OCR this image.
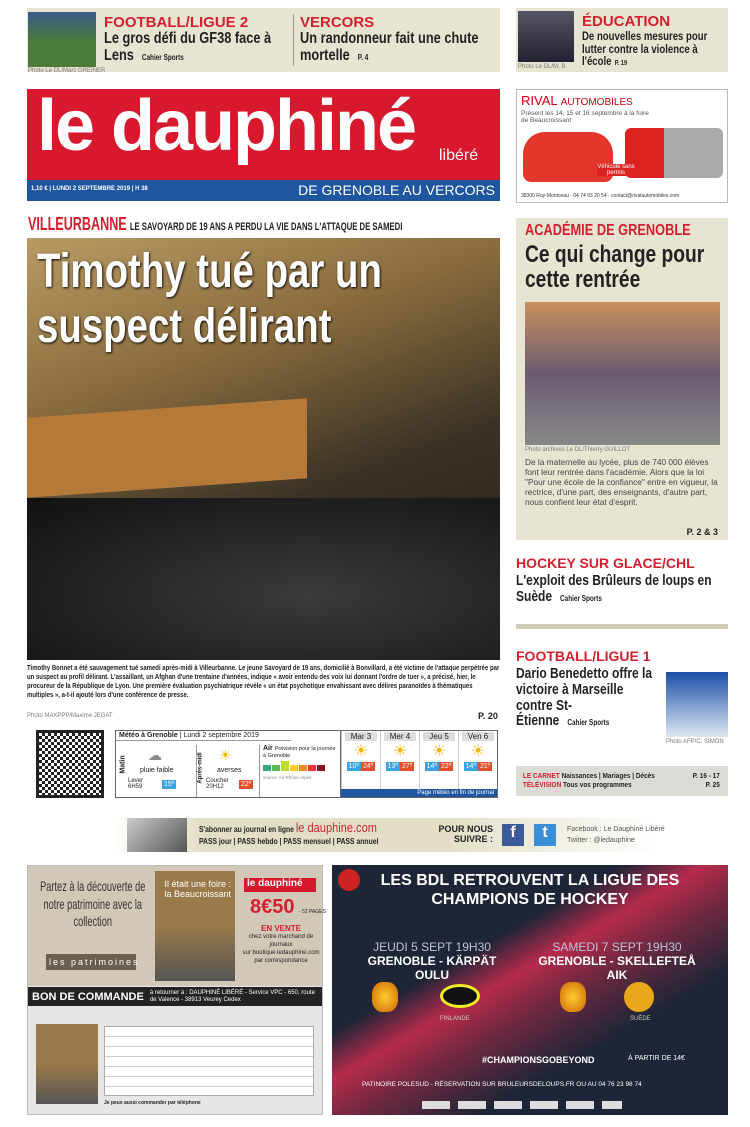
Photo Le DL/Marc GREINER
FOOTBALL/LIGUE 2
Le gros défi du GF38 face à Lens Cahier Sports
VERCORS
Un randonneur fait une chute mortelle P. 4
Photo Le DL/M. B.
ÉDUCATION
De nouvelles mesures pour lutter contre la violence à l'école P. 19
le dauphiné libéré
1,10 € | LUNDI 2 SEPTEMBRE 2019 | H 38	DE GRENOBLE AU VERCORS
RIVAL AUTOMOBILES
Présent les 14, 15 et 16 septembre à la foire de Beaucroissant
Véhicule sans permis
38300 Ruy-Montceau · 04 74 93 20 54 · contact@rivalautomobiles.com
VILLEURBANNE LE SAVOYARD DE 19 ANS A PERDU LA VIE DANS L'ATTAQUE DE SAMEDI
Timothy tué par un suspect délirant

Timothy Bonnet a été sauvagement tué samedi après-midi à Villeurbanne. Le jeune Savoyard de 19 ans, domicilié à Bonvillard, a été victime de l'attaque perpétrée par un suspect au profil délirant. L'assaillant, un Afghan d'une trentaine d'années, indique « avoir entendu des voix lui donnant l'ordre de tuer », a précisé, hier, le procureur de la République de Lyon. Une première évaluation psychiatrique révèle « un état psychotique envahissant avec délires paranoïdes à thématiques multiples », a-t-il ajouté lors d'une conférence de presse.

Photo MAXPPP/Maxime JEGAT	P. 20
Météo à Grenoble | Lundi 2 septembre 2019
Matin
☁
pluie faible
Lever 6H59	15º
Après-midi ☀
averses
Coucher 20H12	22º
Air Prévision pour la journée à Grenoble
source: Air Rhône-Alpes
Mar 3
☀
10º 24º
Mer 4
☀
13º 27º
Jeu 5
☀
14º 22º
Ven 6
☀
14º 21º
Page météo en fin de journal
ACADÉMIE DE GRENOBLE
Ce qui change pour cette rentrée
Photo archives Le DL/Thierry GUILLOT

De la maternelle au lycée, plus de 740 000 élèves font leur rentrée dans l'académie. Alors que la loi "Pour une école de la confiance" entre en vigueur, la rectrice, d'une part, des enseignants, d'autre part, nous confient leur état d'esprit.

P. 2 & 3
HOCKEY SUR GLACE/CHL
L'exploit des Brûleurs de loups en Suède Cahier Sports
FOOTBALL/LIGUE 1
Dario Benedetto offre la victoire à Marseille contre St-Étienne Cahier Sports
Photo AFP/C. SIMON
LE CARNET Naissances | Mariages | Décès	P. 16 - 17
TÉLÉVISION Tous vos programmes	P. 25
S'abonner au journal en ligne le dauphine.com
PASS jour | PASS hebdo | PASS mensuel | PASS annuel
POUR NOUS SUIVRE :	f	t	Facebook : Le Dauphiné Libéré
Twitter : @ledauphine
Partez à la découverte de notre patrimoine avec la collection
les patrimoines
Il était une foire : la Beaucroissant
le dauphiné
8€50 - 52 PAGES
EN VENTE
chez votre marchand de journaux
sur boutique.ledauphine.com
par correspondance
BON DE COMMANDE à retourner à : DAUPHINÉ LIBÉRÉ - Service VPC - 650, route de Valence - 38913 Veurey Cedex
Je peux aussi commander par téléphone
LES BDL RETROUVENT LA LIGUE DES CHAMPIONS DE HOCKEY
JEUDI 5 SEPT 19H30
GRENOBLE - KÄRPÄT OULU
FINLANDE
SAMEDI 7 SEPT 19H30
GRENOBLE - SKELLEFTEÅ AIK
SUÈDE
#CHAMPIONSGOBEYOND	À PARTIR DE 14€
PATINOIRE POLESUD - RÉSERVATION SUR BRULEURSDELOUPS.FR OU AU 04 76 23 98 74
